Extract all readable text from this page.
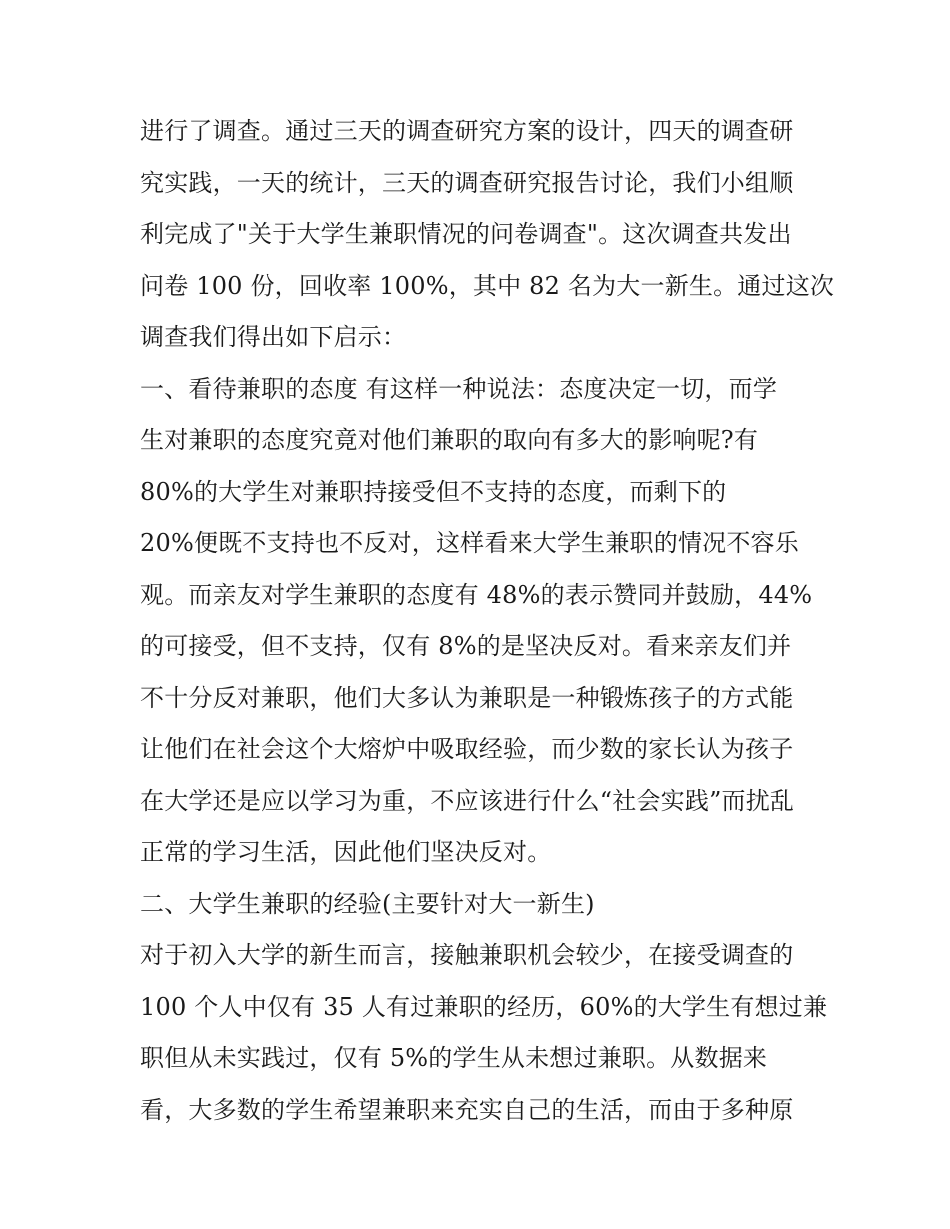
进行了调查。通过三天的调查研究方案的设计，四天的调查研
究实践，一天的统计，三天的调查研究报告讨论，我们小组顺
利完成了"关于大学生兼职情况的问卷调查"。这次调查共发出
问卷 100 份，回收率 100%，其中 82 名为大一新生。通过这次
调查我们得出如下启示：
一、看待兼职的态度 有这样一种说法：态度决定一切，而学
生对兼职的态度究竟对他们兼职的取向有多大的影响呢?有
80%的大学生对兼职持接受但不支持的态度，而剩下的
20%便既不支持也不反对，这样看来大学生兼职的情况不容乐
观。而亲友对学生兼职的态度有 48%的表示赞同并鼓励，44%
的可接受，但不支持，仅有 8%的是坚决反对。看来亲友们并
不十分反对兼职，他们大多认为兼职是一种锻炼孩子的方式能
让他们在社会这个大熔炉中吸取经验，而少数的家长认为孩子
在大学还是应以学习为重，不应该进行什么“社会实践”而扰乱
正常的学习生活，因此他们坚决反对。
二、大学生兼职的经验(主要针对大一新生)
对于初入大学的新生而言，接触兼职机会较少，在接受调查的
100 个人中仅有 35 人有过兼职的经历，60%的大学生有想过兼
职但从未实践过，仅有 5%的学生从未想过兼职。从数据来
看，大多数的学生希望兼职来充实自己的生活，而由于多种原
